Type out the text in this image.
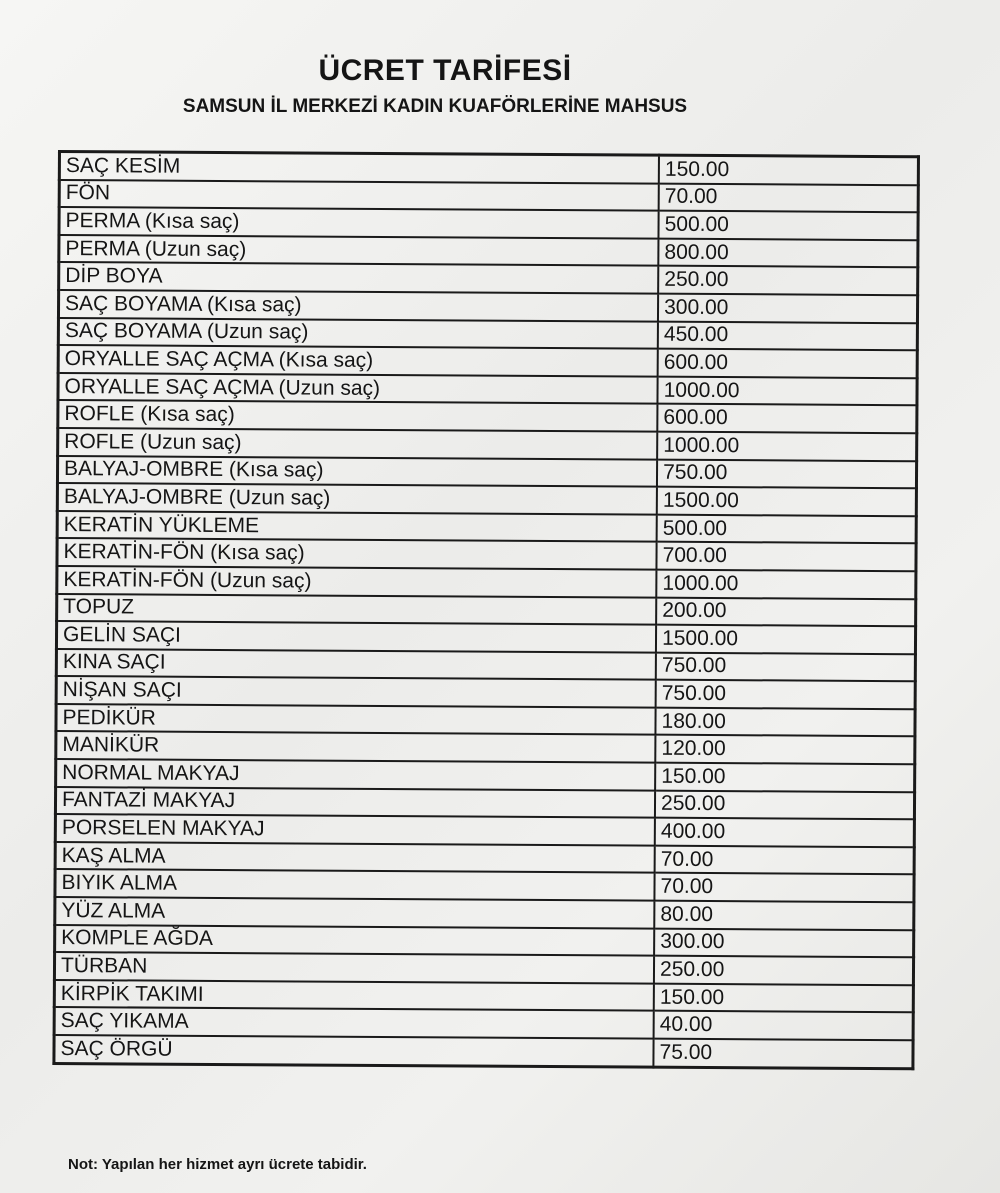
ÜCRET TARİFESİ
SAMSUN İL MERKEZİ KADIN KUAFÖRLERİNE MAHSUS
SAÇ KESİM	150.00
FÖN	70.00
PERMA (Kısa saç)	500.00
PERMA (Uzun saç)	800.00
DİP BOYA	250.00
SAÇ BOYAMA (Kısa saç)	300.00
SAÇ BOYAMA (Uzun saç)	450.00
ORYALLE SAÇ AÇMA (Kısa saç)	600.00
ORYALLE SAÇ AÇMA (Uzun saç)	1000.00
ROFLE (Kısa saç)	600.00
ROFLE (Uzun saç)	1000.00
BALYAJ-OMBRE (Kısa saç)	750.00
BALYAJ-OMBRE (Uzun saç)	1500.00
KERATİN YÜKLEME	500.00
KERATİN-FÖN (Kısa saç)	700.00
KERATİN-FÖN (Uzun saç)	1000.00
TOPUZ	200.00
GELİN SAÇI	1500.00
KINA SAÇI	750.00
NİŞAN SAÇI	750.00
PEDİKÜR	180.00
MANİKÜR	120.00
NORMAL MAKYAJ	150.00
FANTAZİ MAKYAJ	250.00
PORSELEN MAKYAJ	400.00
KAŞ ALMA	70.00
BIYIK ALMA	70.00
YÜZ ALMA	80.00
KOMPLE AĞDA	300.00
TÜRBAN	250.00
KİRPİK TAKIMI	150.00
SAÇ YIKAMA	40.00
SAÇ ÖRGÜ	75.00
Not: Yapılan her hizmet ayrı ücrete tabidir.
